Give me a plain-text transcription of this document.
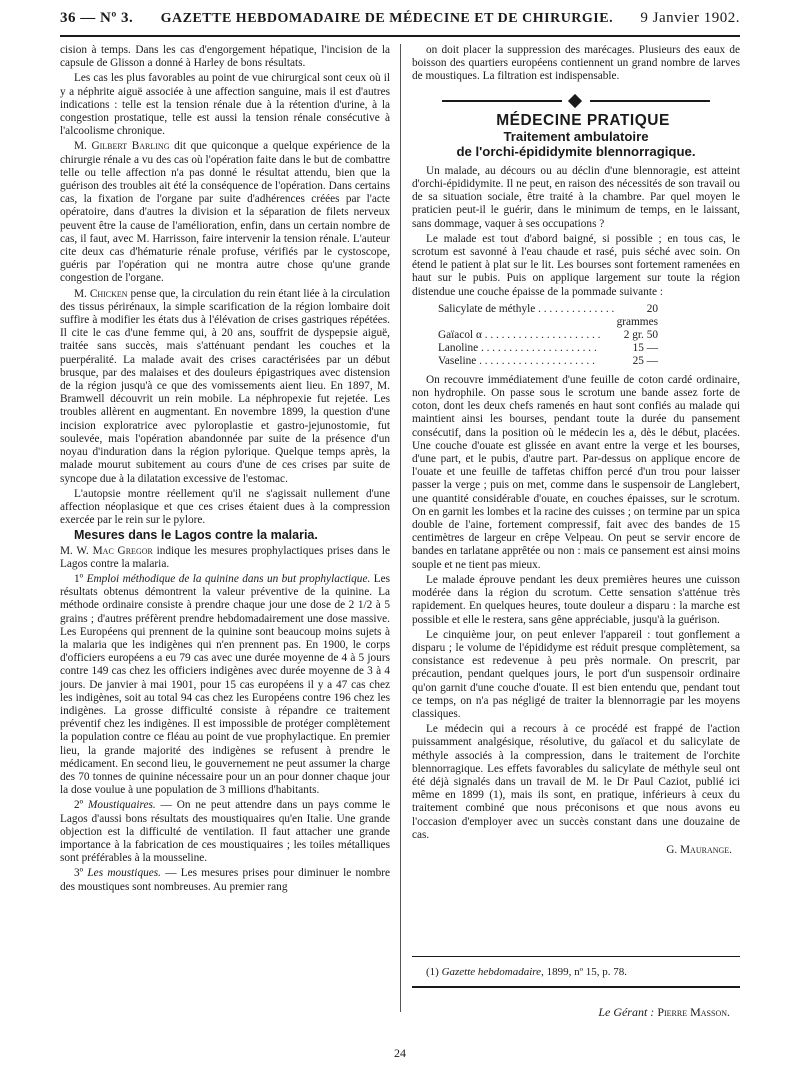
36 — Nº 3.	GAZETTE HEBDOMADAIRE DE MÉDECINE ET DE CHIRURGIE.	9 Janvier 1902.

cision à temps. Dans les cas d'engorgement hépatique, l'incision de la capsule de Glisson a donné à Harley de bons résultats.

Les cas les plus favorables au point de vue chirurgical sont ceux où il y a néphrite aiguë associée à une affection sanguine, mais il est d'autres indications : telle est la tension rénale due à la rétention d'urine, à la congestion prostatique, telle est aussi la tension rénale consécutive à l'alcoolisme chronique.

M. Gilbert Barling dit que quiconque a quelque expérience de la chirurgie rénale a vu des cas où l'opération faite dans le but de combattre telle ou telle affection n'a pas donné le résultat attendu, bien que la guérison des troubles ait été la conséquence de l'opération. Dans certains cas, la fixation de l'organe par suite d'adhérences créées par l'acte opératoire, dans d'autres la division et la séparation de filets nerveux peuvent être la cause de l'amélioration, enfin, dans un certain nombre de cas, il faut, avec M. Harrisson, faire intervenir la tension rénale. L'auteur cite deux cas d'hématurie rénale profuse, vérifiés par le cystoscope, guéris par l'opération qui ne montra autre chose qu'une grande congestion de l'organe.

M. Chicken pense que, la circulation du rein étant liée à la circulation des tissus périrénaux, la simple scarification de la région lombaire doit suffire à modifier les états dus à l'élévation de crises gastriques répétées. Il cite le cas d'une femme qui, à 20 ans, souffrit de dyspepsie aiguë, traitée sans succès, mais s'atténuant pendant les couches et la puerpéralité. La malade avait des crises caractérisées par un début brusque, par des malaises et des douleurs épigastriques avec distension de la région jusqu'à ce que des vomissements aient lieu. En 1897, M. Bramwell découvrit un rein mobile. La néphropexie fut rejetée. Les troubles allèrent en augmentant. En novembre 1899, la question d'une incision exploratrice avec pyloroplastie et gastro-jejunostomie, fut soulevée, mais l'opération abandonnée par suite de la présence d'un noyau d'induration dans la région pylorique. Quelque temps après, la malade mourut subitement au cours d'une de ces crises par suite de syncope due à la dilatation excessive de l'estomac.

L'autopsie montre réellement qu'il ne s'agissait nullement d'une affection néoplasique et que ces crises étaient dues à la compression exercée par le rein sur le pylore.

Mesures dans le Lagos contre la malaria.

M. W. Mac Gregor indique les mesures prophylactiques prises dans le Lagos contre la malaria.

1º Emploi méthodique de la quinine dans un but prophylactique. Les résultats obtenus démontrent la valeur préventive de la quinine. La méthode ordinaire consiste à prendre chaque jour une dose de 2 1/2 à 5 grains ; d'autres préfèrent prendre hebdomadairement une dose massive. Les Européens qui prennent de la quinine sont beaucoup moins sujets à la malaria que les indigènes qui n'en prennent pas. En 1900, le corps d'officiers européens a eu 79 cas avec une durée moyenne de 4 à 5 jours contre 149 cas chez les officiers indigènes avec durée moyenne de 3 à 4 jours. De janvier à mai 1901, pour 15 cas européens il y a 47 cas chez les indigènes, soit au total 94 cas chez les Européens contre 196 chez les indigènes. La grosse difficulté consiste à répandre ce traitement préventif chez les indigènes. Il est impossible de protéger complètement la population contre ce fléau au point de vue prophylactique. En premier lieu, la grande majorité des indigènes se refusent à prendre le médicament. En second lieu, le gouvernement ne peut assumer la charge des 70 tonnes de quinine nécessaire pour un an pour donner chaque jour la dose voulue à une population de 3 millions d'habitants.

2º Moustiquaires. — On ne peut attendre dans un pays comme le Lagos d'aussi bons résultats des moustiquaires qu'en Italie. Une grande objection est la difficulté de ventilation. Il faut attacher une grande importance à la fabrication de ces moustiquaires ; les toiles métalliques sont préférables à la mousseline.

3º Les moustiques. — Les mesures prises pour diminuer le nombre des moustiques sont nombreuses. Au premier rang

on doit placer la suppression des marécages. Plusieurs des eaux de boisson des quartiers européens contiennent un grand nombre de larves de moustiques. La filtration est indispensable.

MÉDECINE PRATIQUE

Traitement ambulatoire
de l'orchi-épididymite blennorragique.

Un malade, au décours ou au déclin d'une blennoragie, est atteint d'orchi-épididymite. Il ne peut, en raison des nécessités de son travail ou de sa situation sociale, être traité à la chambre. Par quel moyen le praticien peut-il le guérir, dans le minimum de temps, en le laissant, sans dommage, vaquer à ses occupations ?

Le malade est tout d'abord baigné, si possible ; en tous cas, le scrotum est savonné à l'eau chaude et rasé, puis séché avec soin. On étend le patient à plat sur le lit. Les bourses sont fortement ramenées en haut sur le pubis. Puis on applique largement sur toute la région distendue une couche épaisse de la pommade suivante :

Salicylate de méthyle . . .	20 grammes
Gaïacol α . . .	2 gr. 50
Lanoline . . .	15 —
Vaseline . . .	25 —

On recouvre immédiatement d'une feuille de coton cardé ordinaire, non hydrophile. On passe sous le scrotum une bande assez forte de coton, dont les deux chefs ramenés en haut sont confiés au malade qui maintient ainsi les bourses, pendant toute la durée du pansement consécutif, dans la position où le médecin les a, dès le début, placées. Une couche d'ouate est glissée en avant entre la verge et les bourses, d'une part, et le pubis, d'autre part. Par-dessus on applique encore de l'ouate et une feuille de taffetas chiffon percé d'un trou pour laisser passer la verge ; puis on met, comme dans le suspensoir de Langlebert, une quantité considérable d'ouate, en couches épaisses, sur le scrotum. On en garnit les lombes et la racine des cuisses ; on termine par un spica double de l'aine, fortement compressif, fait avec des bandes de 15 centimètres de largeur en crêpe Velpeau. On peut se servir encore de bandes en tarlatane apprêtée ou non : mais ce pansement est ainsi moins souple et ne tient pas mieux.

Le malade éprouve pendant les deux premières heures une cuisson modérée dans la région du scrotum. Cette sensation s'atténue très rapidement. En quelques heures, toute douleur a disparu : la marche est possible et elle le restera, sans gêne appréciable, jusqu'à la guérison.

Le cinquième jour, on peut enlever l'appareil : tout gonflement a disparu ; le volume de l'épididyme est réduit presque complètement, sa consistance est redevenue à peu près normale. On prescrit, par précaution, pendant quelques jours, le port d'un suspensoir ordinaire qu'on garnit d'une couche d'ouate. Il est bien entendu que, pendant tout ce temps, on n'a pas négligé de traiter la blennorragie par les moyens classiques.

Le médecin qui a recours à ce procédé est frappé de l'action puissamment analgésique, résolutive, du gaïacol et du salicylate de méthyle associés à la compression, dans le traitement de l'orchite blennorragique. Les effets favorables du salicylate de méthyle seul ont été déjà signalés dans un travail de M. le Dr Paul Caziot, publié ici même en 1899 (1), mais ils sont, en pratique, inférieurs à ceux du traitement combiné que nous préconisons et que nous avons eu l'occasion d'employer avec un succès constant dans une douzaine de cas.

G. Maurange.

(1) Gazette hebdomadaire, 1899, nº 15, p. 78.
Le Gérant : Pierre Masson.
24
